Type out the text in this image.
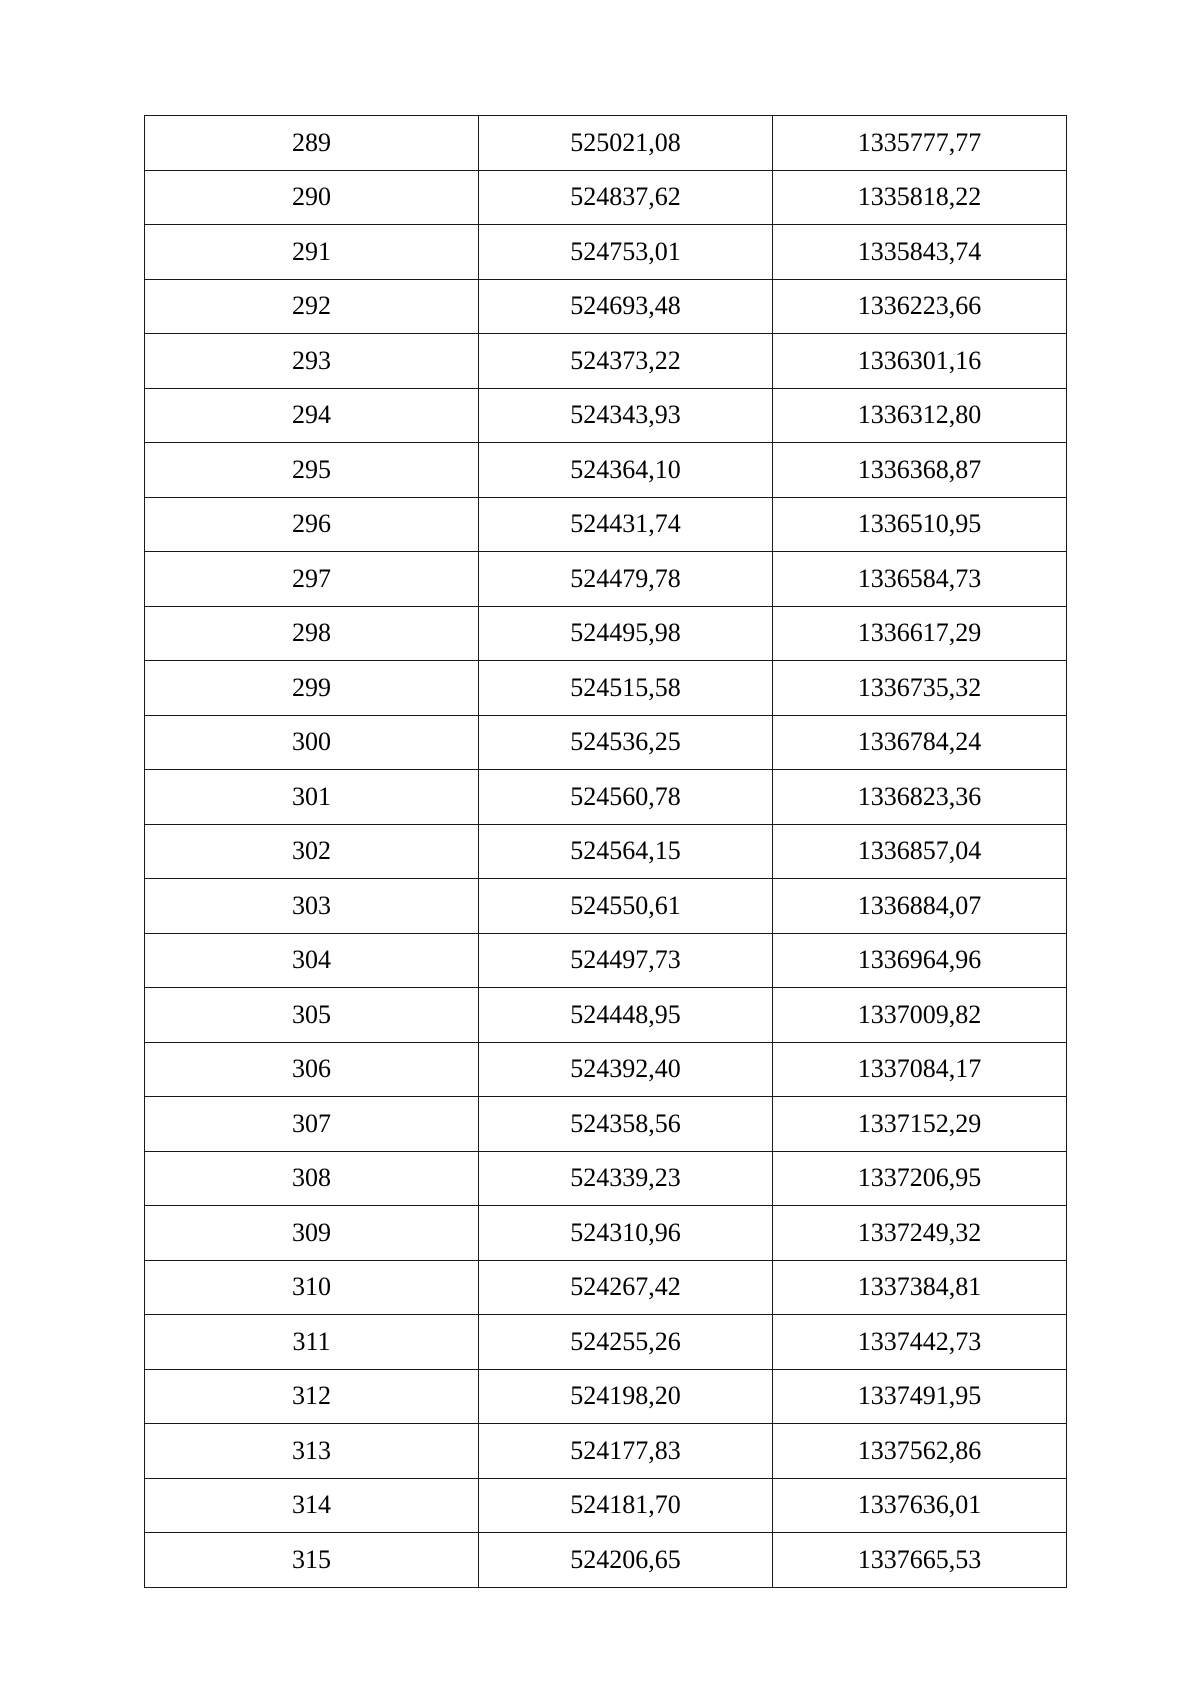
289	525021,08	1335777,77
290	524837,62	1335818,22
291	524753,01	1335843,74
292	524693,48	1336223,66
293	524373,22	1336301,16
294	524343,93	1336312,80
295	524364,10	1336368,87
296	524431,74	1336510,95
297	524479,78	1336584,73
298	524495,98	1336617,29
299	524515,58	1336735,32
300	524536,25	1336784,24
301	524560,78	1336823,36
302	524564,15	1336857,04
303	524550,61	1336884,07
304	524497,73	1336964,96
305	524448,95	1337009,82
306	524392,40	1337084,17
307	524358,56	1337152,29
308	524339,23	1337206,95
309	524310,96	1337249,32
310	524267,42	1337384,81
311	524255,26	1337442,73
312	524198,20	1337491,95
313	524177,83	1337562,86
314	524181,70	1337636,01
315	524206,65	1337665,53
